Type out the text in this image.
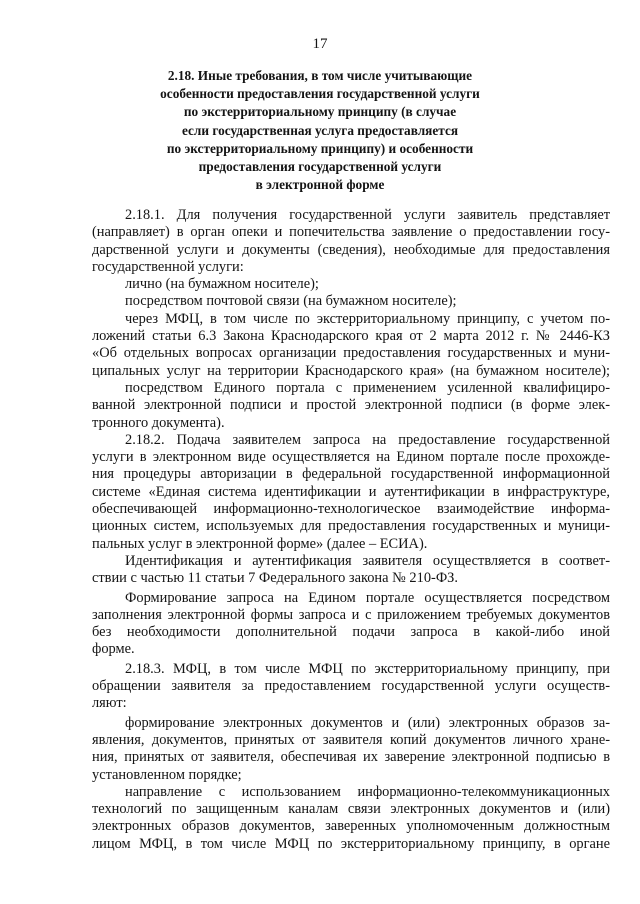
17
2.18. Иные требования, в том числе учитывающие
особенности предоставления государственной услуги
по экстерриториальному принципу (в случае
если государственная услуга предоставляется
по экстерриториальному принципу) и особенности
предоставления государственной услуги
в электронной форме
2.18.1. Для получения государственной услуги заявитель представляет
(направляет) в орган опеки и попечительства заявление о предоставлении госу-
дарственной услуги и документы (сведения), необходимые для предоставления
государственной услуги:
лично (на бумажном носителе);
посредством почтовой связи (на бумажном носителе);
через МФЦ, в том числе по экстерриториальному принципу, с учетом по-
ложений статьи 6.3 Закона Краснодарского края от 2 марта 2012 г. № 2446-КЗ
«Об отдельных вопросах организации предоставления государственных и муни-
ципальных услуг на территории Краснодарского края» (на бумажном носителе);
посредством Единого портала с применением усиленной квалифициро-
ванной электронной подписи и простой электронной подписи (в форме элек-
тронного документа).
2.18.2. Подача заявителем запроса на предоставление государственной
услуги в электронном виде осуществляется на Едином портале после прохожде-
ния процедуры авторизации в федеральной государственной информационной
системе «Единая система идентификации и аутентификации в инфраструктуре,
обеспечивающей информационно-технологическое взаимодействие информа-
ционных систем, используемых для предоставления государственных и муници-
пальных услуг в электронной форме» (далее – ЕСИА).
Идентификация и аутентификация заявителя осуществляется в соответ-
ствии с частью 11 статьи 7 Федерального закона № 210-ФЗ.
Формирование запроса на Едином портале осуществляется посредством
заполнения электронной формы запроса и с приложением требуемых документов
без необходимости дополнительной подачи запроса в какой-либо иной
форме.
2.18.3. МФЦ, в том числе МФЦ по экстерриториальному принципу, при
обращении заявителя за предоставлением государственной услуги осуществ-
ляют:
формирование электронных документов и (или) электронных образов за-
явления, документов, принятых от заявителя копий документов личного хране-
ния, принятых от заявителя, обеспечивая их заверение электронной подписью в
установленном порядке;
направление с использованием информационно-телекоммуникационных
технологий по защищенным каналам связи электронных документов и (или)
электронных образов документов, заверенных уполномоченным должностным
лицом МФЦ, в том числе МФЦ по экстерриториальному принципу, в органе
